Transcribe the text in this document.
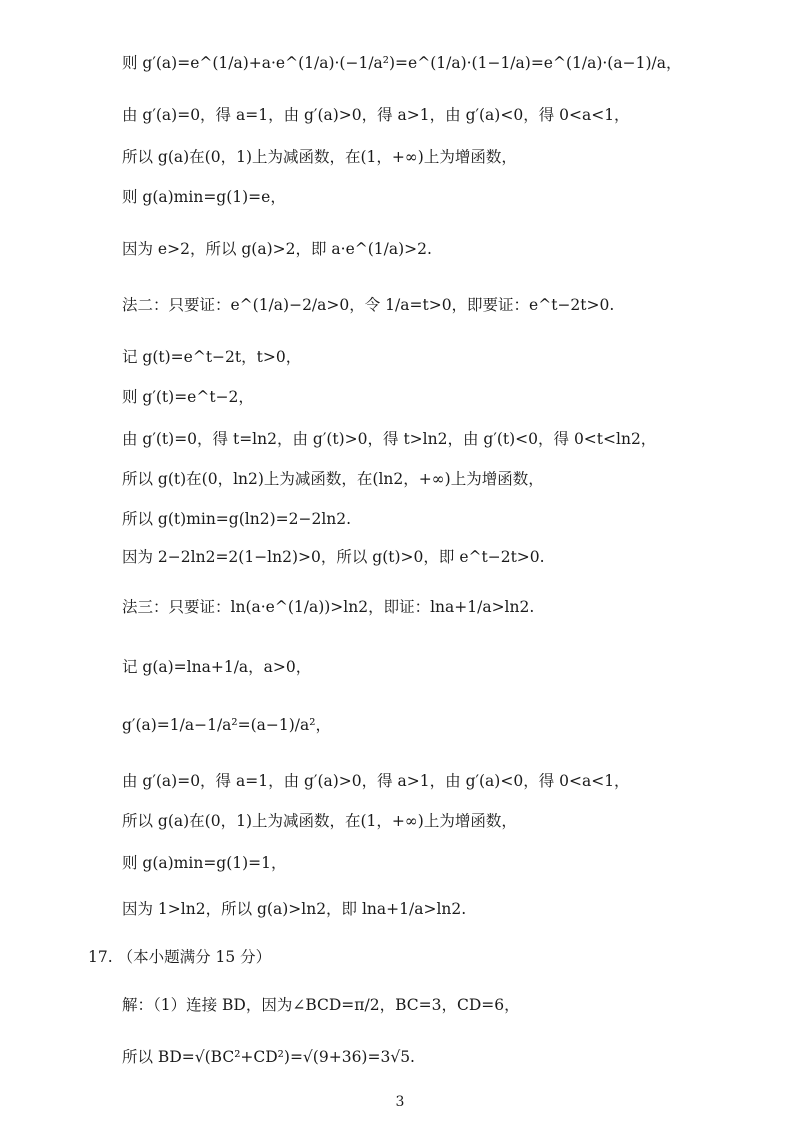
则 g′(a)=e^(1/a)+a·e^(1/a)·(−1/a²)=e^(1/a)·(1−1/a)=e^(1/a)·(a−1)/a，
由 g′(a)=0，得 a=1，由 g′(a)>0，得 a>1，由 g′(a)<0，得 0<a<1，
所以 g(a)在(0，1)上为减函数，在(1，+∞)上为增函数，
则 g(a)min=g(1)=e，
因为 e>2，所以 g(a)>2，即 a·e^(1/a)>2.
法二：只要证：e^(1/a)−2/a>0，令 1/a=t>0，即要证：e^t−2t>0.
记 g(t)=e^t−2t，t>0，
则 g′(t)=e^t−2，
由 g′(t)=0，得 t=ln2，由 g′(t)>0，得 t>ln2，由 g′(t)<0，得 0<t<ln2，
所以 g(t)在(0，ln2)上为减函数，在(ln2，+∞)上为增函数，
所以 g(t)min=g(ln2)=2−2ln2.
因为 2−2ln2=2(1−ln2)>0，所以 g(t)>0，即 e^t−2t>0.
法三：只要证：ln(a·e^(1/a))>ln2，即证：lna+1/a>ln2.
记 g(a)=lna+1/a，a>0，
g′(a)=1/a−1/a²=(a−1)/a²，
由 g′(a)=0，得 a=1，由 g′(a)>0，得 a>1，由 g′(a)<0，得 0<a<1，
所以 g(a)在(0，1)上为减函数，在(1，+∞)上为增函数，
则 g(a)min=g(1)=1，
因为 1>ln2，所以 g(a)>ln2，即 lna+1/a>ln2.
17. （本小题满分 15 分）
解：（1）连接 BD，因为∠BCD=π/2，BC=3，CD=6，
所以 BD=√(BC²+CD²)=√(9+36)=3√5.
3
